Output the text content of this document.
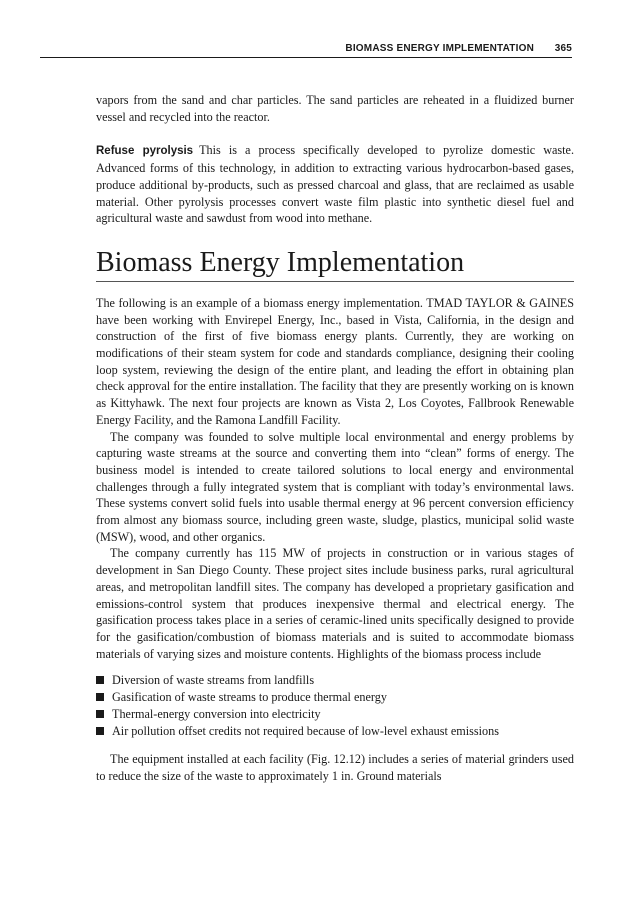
BIOMASS ENERGY IMPLEMENTATION 365

vapors from the sand and char particles. The sand particles are reheated in a fluidized burner vessel and recycled into the reactor.

Refuse pyrolysis This is a process specifically developed to pyrolize domestic waste. Advanced forms of this technology, in addition to extracting various hydrocarbon-based gases, produce additional by-products, such as pressed charcoal and glass, that are reclaimed as usable material. Other pyrolysis processes convert waste film plastic into synthetic diesel fuel and agricultural waste and sawdust from wood into methane.

Biomass Energy Implementation

The following is an example of a biomass energy implementation. TMAD TAYLOR & GAINES have been working with Envirepel Energy, Inc., based in Vista, California, in the design and construction of the first of five biomass energy plants. Currently, they are working on modifications of their steam system for code and standards compliance, designing their cooling loop system, reviewing the design of the entire plant, and leading the effort in obtaining plan check approval for the entire installation. The facility that they are presently working on is known as Kittyhawk. The next four projects are known as Vista 2, Los Coyotes, Fallbrook Renewable Energy Facility, and the Ramona Landfill Facility.

The company was founded to solve multiple local environmental and energy problems by capturing waste streams at the source and converting them into “clean” forms of energy. The business model is intended to create tailored solutions to local energy and environmental challenges through a fully integrated system that is compliant with today’s environmental laws. These systems convert solid fuels into usable thermal energy at 96 percent conversion efficiency from almost any biomass source, including green waste, sludge, plastics, municipal solid waste (MSW), wood, and other organics.

The company currently has 115 MW of projects in construction or in various stages of development in San Diego County. These project sites include business parks, rural agricultural areas, and metropolitan landfill sites. The company has developed a proprietary gasification and emissions-control system that produces inexpensive thermal and electrical energy. The gasification process takes place in a series of ceramic-lined units specifically designed to provide for the gasification/combustion of biomass materials and is suited to accommodate biomass materials of varying sizes and moisture contents. Highlights of the biomass process include

Diversion of waste streams from landfills
Gasification of waste streams to produce thermal energy
Thermal-energy conversion into electricity
Air pollution offset credits not required because of low-level exhaust emissions

The equipment installed at each facility (Fig. 12.12) includes a series of material grinders used to reduce the size of the waste to approximately 1 in. Ground materials
